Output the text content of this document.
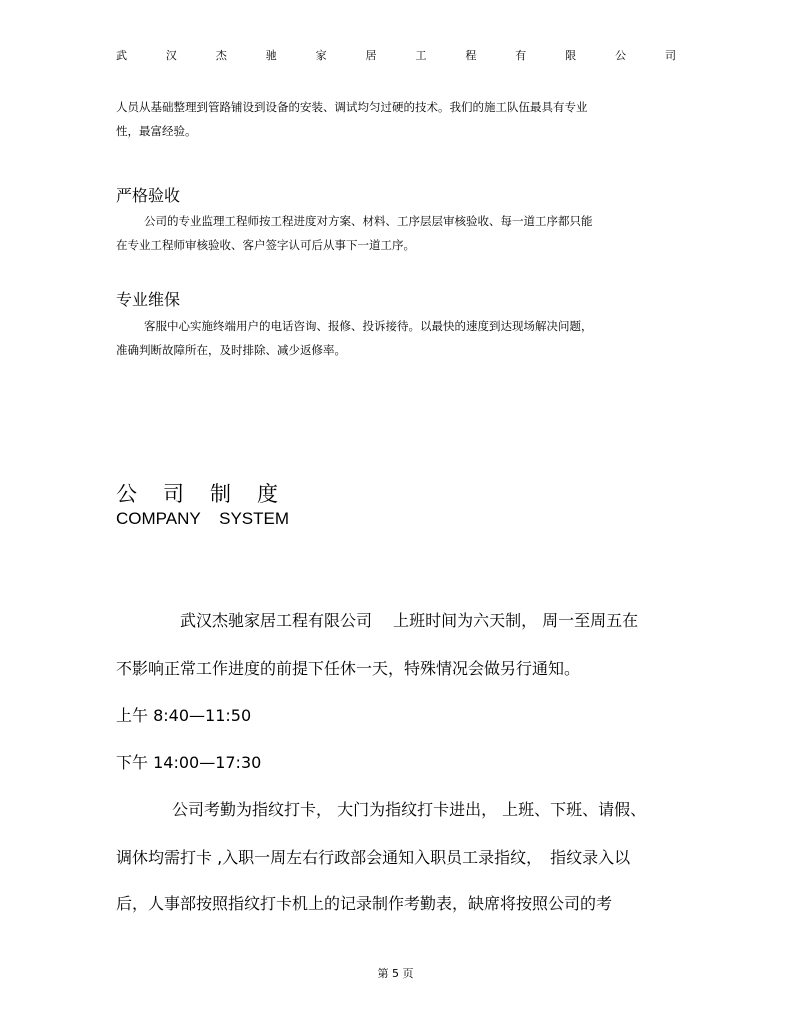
武	汉	杰	驰	家	居	工	程	有	限	公	司
人员从基础整理到管路铺设到设备的安装、调试均匀过硬的技术。我们的施工队伍最具有专业
性，最富经验。
严格验收
公司的专业监理工程师按工程进度对方案、材料、工序层层审核验收、每一道工序都只能
在专业工程师审核验收、客户签字认可后从事下一道工序。
专业维保
客服中心实施终端用户的电话咨询、报修、投诉接待。以最快的速度到达现场解决问题，
准确判断故障所在，及时排除、减少返修率。
公 司 制 度
COMPANY SYSTEM
武汉杰驰家居工程有限公司　 上班时间为六天制， 周一至周五在
不影响正常工作进度的前提下任休一天，特殊情况会做另行通知。
上午 8:40—11:50
下午 14:00—17:30
公司考勤为指纹打卡， 大门为指纹打卡进出， 上班、下班、请假、
调休均需打卡 ,入职一周左右行政部会通知入职员工录指纹，　指纹录入以
后，人事部按照指纹打卡机上的记录制作考勤表，缺席将按照公司的考
第 5 页
